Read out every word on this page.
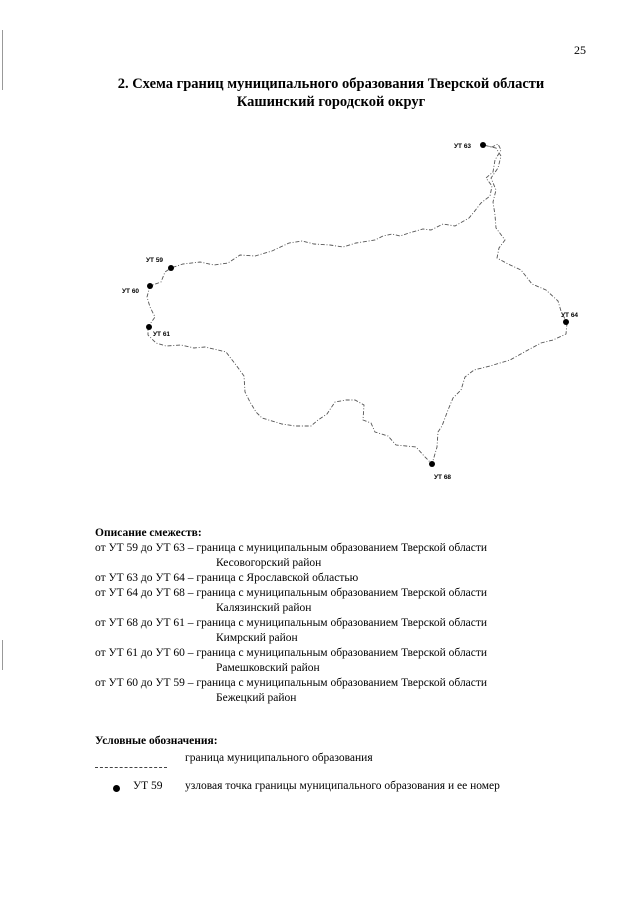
25
2. Схема границ муниципального образования Тверской области
Кашинский городской округ
УТ 63
УТ 59
УТ 60
УТ 61
УТ 64
УТ 68
Описание смежеств:
от УТ 59 до УТ 63 – граница с муниципальным образованием Тверской области
Кесовогорский район
от УТ 63 до УТ 64 – граница с Ярославской областью
от УТ 64 до УТ 68 – граница с муниципальным образованием Тверской области
Калязинский район
от УТ 68 до УТ 61 – граница с муниципальным образованием Тверской области
Кимрский район
от УТ 61 до УТ 60 – граница с муниципальным образованием Тверской области
Рамешковский район
от УТ 60 до УТ 59 – граница с муниципальным образованием Тверской области
Бежецкий район
Условные обозначения:
граница муниципального образования
УТ 59 узловая точка границы муниципального образования и ее номер
